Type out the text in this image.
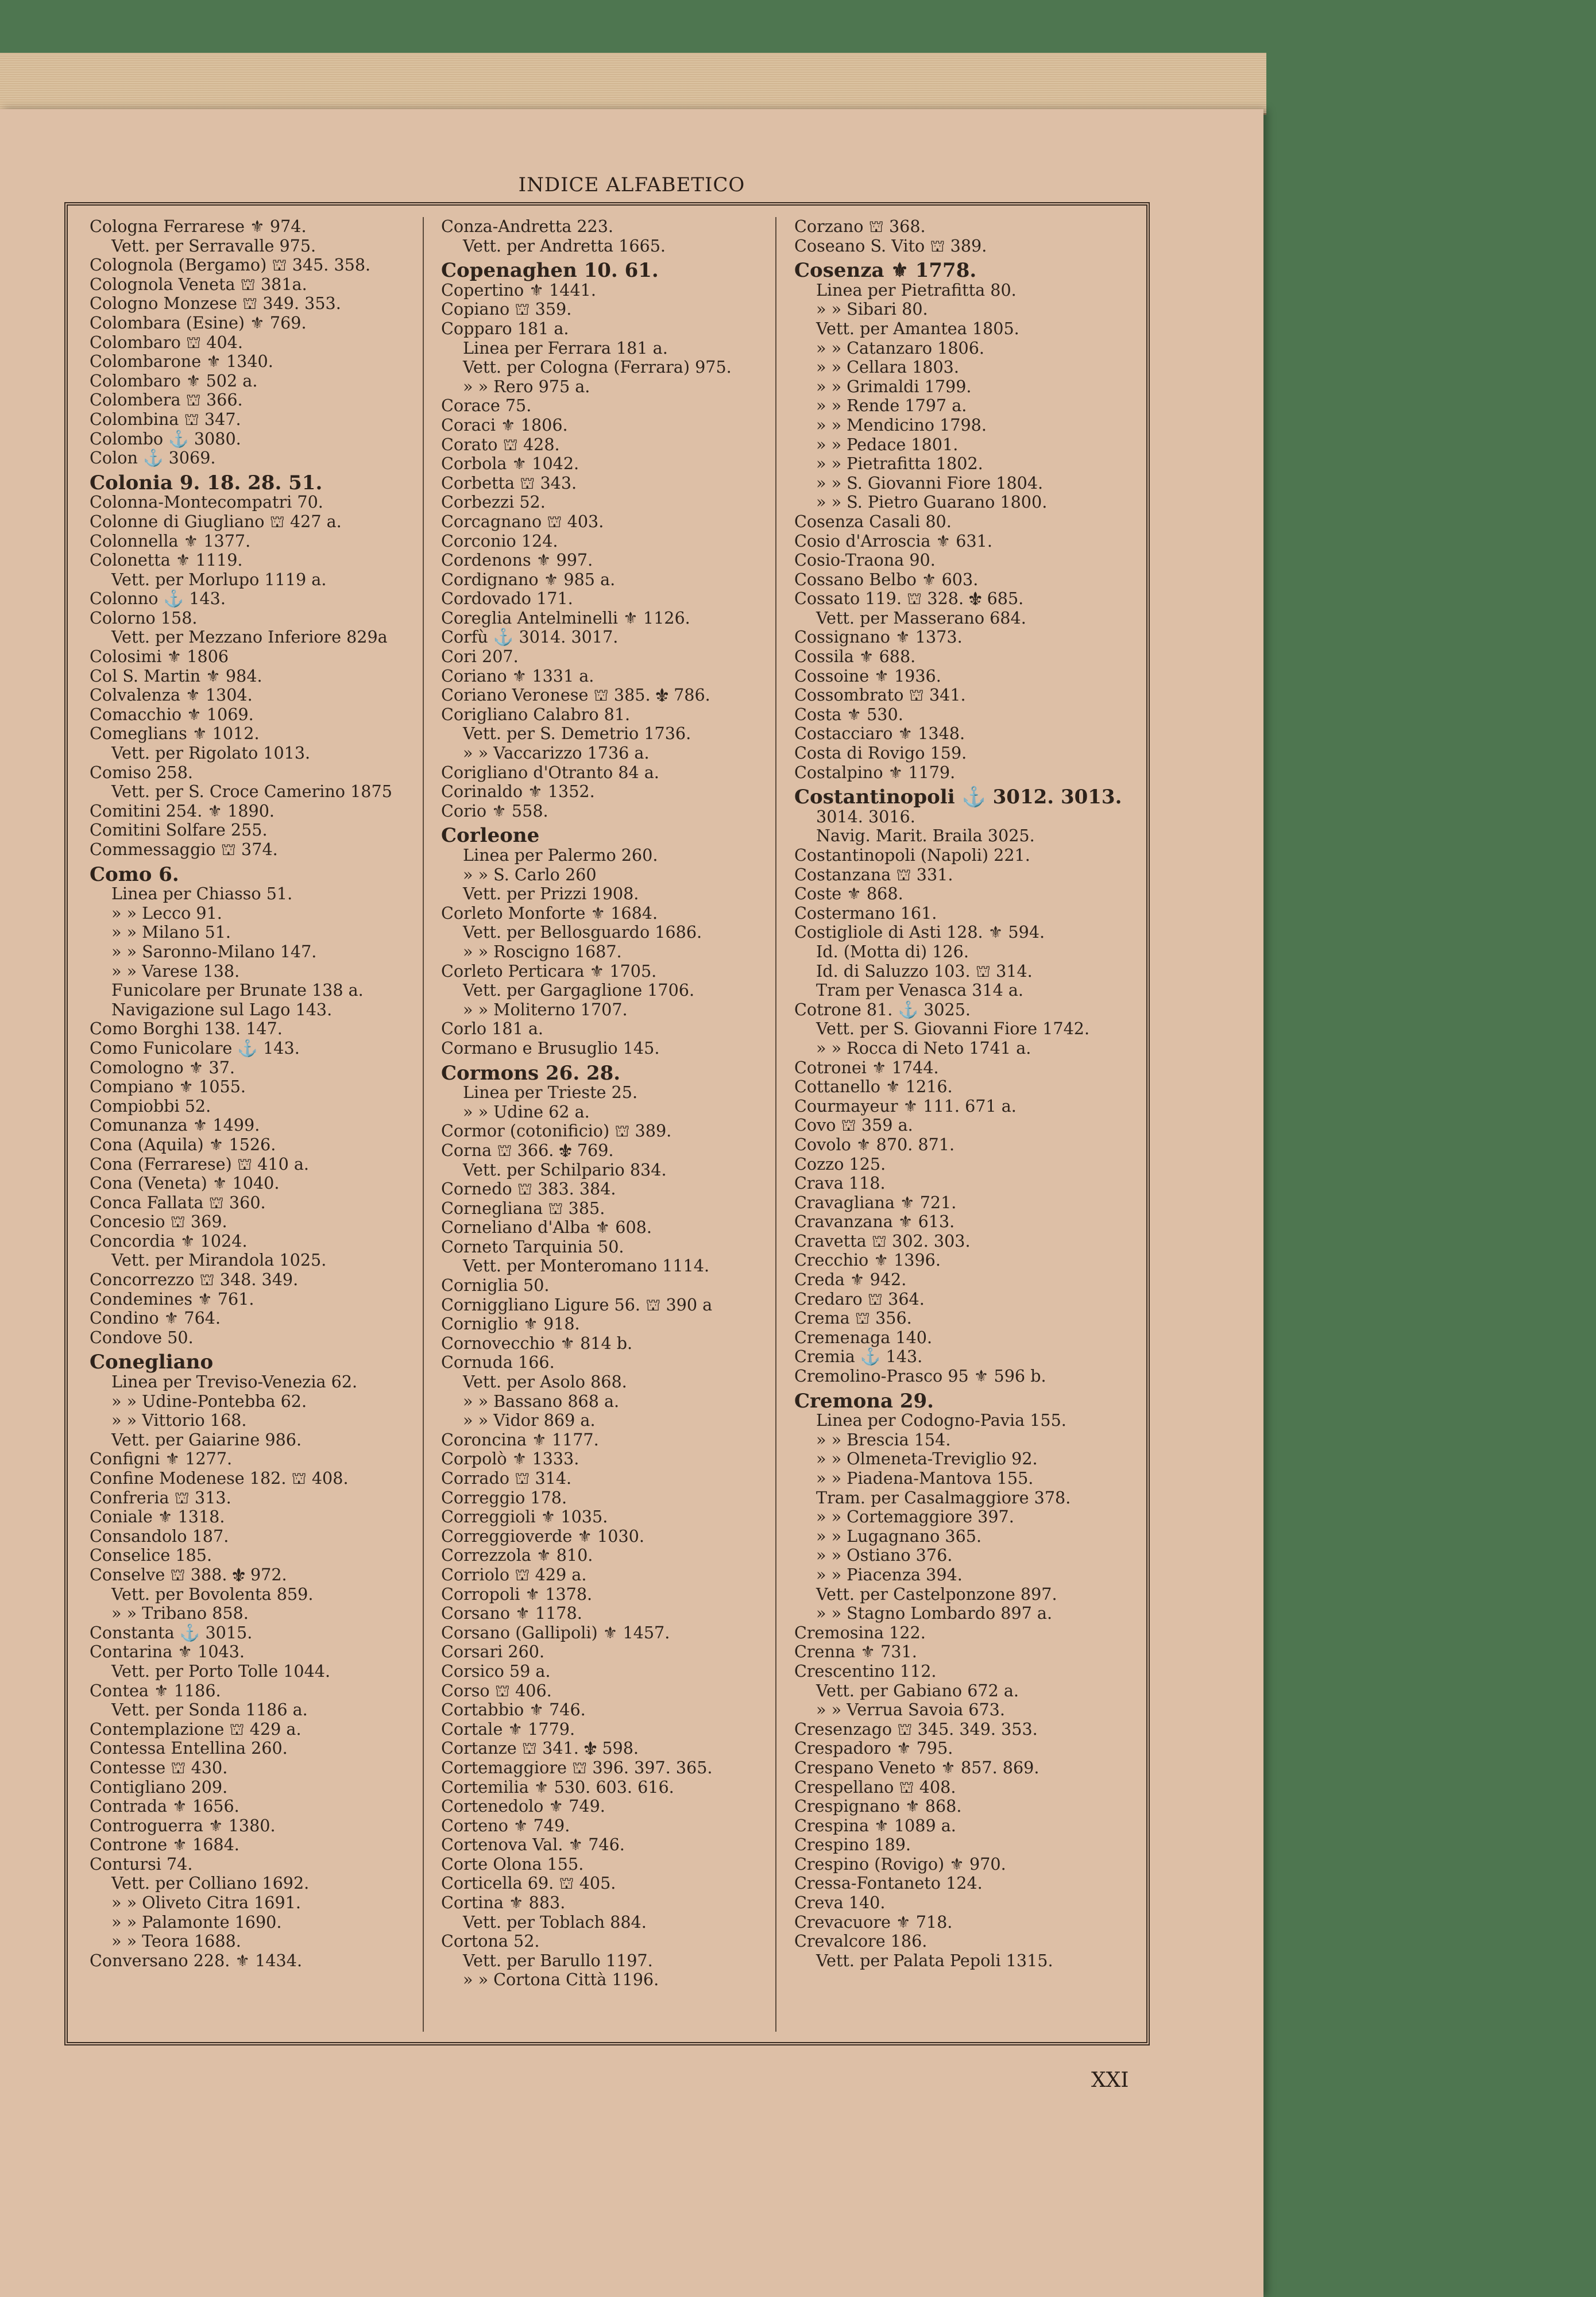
INDICE ALFABETICO
Cologna Ferrarese ⚜ 974.
Vett. per Serravalle 975.
Colognola (Bergamo) ⛫ 345. 358.
Colognola Veneta ⛫ 381a.
Cologno Monzese ⛫ 349. 353.
Colombara (Esine) ⚜ 769.
Colombaro ⛫ 404.
Colombarone ⚜ 1340.
Colombaro ⚜ 502 a.
Colombera ⛫ 366.
Colombina ⛫ 347.
Colombo ⚓ 3080.
Colon ⚓ 3069.
Colonia 9. 18. 28. 51.
Colonna-Montecompatri 70.
Colonne di Giugliano ⛫ 427 a.
Colonnella ⚜ 1377.
Colonetta ⚜ 1119.
Vett. per Morlupo 1119 a.
Colonno ⚓ 143.
Colorno 158.
Vett. per Mezzano Inferiore 829a
Colosimi ⚜ 1806
Col S. Martin ⚜ 984.
Colvalenza ⚜ 1304.
Comacchio ⚜ 1069.
Comeglians ⚜ 1012.
Vett. per Rigolato 1013.
Comiso 258.
Vett. per S. Croce Camerino 1875
Comitini 254. ⚜ 1890.
Comitini Solfare 255.
Commessaggio ⛫ 374.
Como 6.
Linea per Chiasso 51.
» » Lecco 91.
» » Milano 51.
» » Saronno-Milano 147.
» » Varese 138.
Funicolare per Brunate 138 a.
Navigazione sul Lago 143.
Como Borghi 138. 147.
Como Funicolare ⚓ 143.
Comologno ⚜ 37.
Compiano ⚜ 1055.
Compiobbi 52.
Comunanza ⚜ 1499.
Cona (Aquila) ⚜ 1526.
Cona (Ferrarese) ⛫ 410 a.
Cona (Veneta) ⚜ 1040.
Conca Fallata ⛫ 360.
Concesio ⛫ 369.
Concordia ⚜ 1024.
Vett. per Mirandola 1025.
Concorrezzo ⛫ 348. 349.
Condemines ⚜ 761.
Condino ⚜ 764.
Condove 50.
Conegliano
Linea per Treviso-Venezia 62.
» » Udine-Pontebba 62.
» » Vittorio 168.
Vett. per Gaiarine 986.
Configni ⚜ 1277.
Confine Modenese 182. ⛫ 408.
Confreria ⛫ 313.
Coniale ⚜ 1318.
Consandolo 187.
Conselice 185.
Conselve ⛫ 388. ⚜ 972.
Vett. per Bovolenta 859.
» » Tribano 858.
Constanta ⚓ 3015.
Contarina ⚜ 1043.
Vett. per Porto Tolle 1044.
Contea ⚜ 1186.
Vett. per Sonda 1186 a.
Contemplazione ⛫ 429 a.
Contessa Entellina 260.
Contesse ⛫ 430.
Contigliano 209.
Contrada ⚜ 1656.
Controguerra ⚜ 1380.
Controne ⚜ 1684.
Contursi 74.
Vett. per Colliano 1692.
» » Oliveto Citra 1691.
» » Palamonte 1690.
» » Teora 1688.
Conversano 228. ⚜ 1434.
Conza-Andretta 223.
Vett. per Andretta 1665.
Copenaghen 10. 61.
Copertino ⚜ 1441.
Copiano ⛫ 359.
Copparo 181 a.
Linea per Ferrara 181 a.
Vett. per Cologna (Ferrara) 975.
» » Rero 975 a.
Corace 75.
Coraci ⚜ 1806.
Corato ⛫ 428.
Corbola ⚜ 1042.
Corbetta ⛫ 343.
Corbezzi 52.
Corcagnano ⛫ 403.
Corconio 124.
Cordenons ⚜ 997.
Cordignano ⚜ 985 a.
Cordovado 171.
Coreglia Antelminelli ⚜ 1126.
Corfù ⚓ 3014. 3017.
Cori 207.
Coriano ⚜ 1331 a.
Coriano Veronese ⛫ 385. ⚜ 786.
Corigliano Calabro 81.
Vett. per S. Demetrio 1736.
» » Vaccarizzo 1736 a.
Corigliano d'Otranto 84 a.
Corinaldo ⚜ 1352.
Corio ⚜ 558.
Corleone
Linea per Palermo 260.
» » S. Carlo 260
Vett. per Prizzi 1908.
Corleto Monforte ⚜ 1684.
Vett. per Bellosguardo 1686.
» » Roscigno 1687.
Corleto Perticara ⚜ 1705.
Vett. per Gargaglione 1706.
» » Moliterno 1707.
Corlo 181 a.
Cormano e Brusuglio 145.
Cormons 26. 28.
Linea per Trieste 25.
» » Udine 62 a.
Cormor (cotonificio) ⛫ 389.
Corna ⛫ 366. ⚜ 769.
Vett. per Schilpario 834.
Cornedo ⛫ 383. 384.
Cornegliana ⛫ 385.
Corneliano d'Alba ⚜ 608.
Corneto Tarquinia 50.
Vett. per Monteromano 1114.
Corniglia 50.
Corniggliano Ligure 56. ⛫ 390 a
Corniglio ⚜ 918.
Cornovecchio ⚜ 814 b.
Cornuda 166.
Vett. per Asolo 868.
» » Bassano 868 a.
» » Vidor 869 a.
Coroncina ⚜ 1177.
Corpolò ⚜ 1333.
Corrado ⛫ 314.
Correggio 178.
Correggioli ⚜ 1035.
Correggioverde ⚜ 1030.
Correzzola ⚜ 810.
Corriolo ⛫ 429 a.
Corropoli ⚜ 1378.
Corsano ⚜ 1178.
Corsano (Gallipoli) ⚜ 1457.
Corsari 260.
Corsico 59 a.
Corso ⛫ 406.
Cortabbio ⚜ 746.
Cortale ⚜ 1779.
Cortanze ⛫ 341. ⚜ 598.
Cortemaggiore ⛫ 396. 397. 365.
Cortemilia ⚜ 530. 603. 616.
Cortenedolo ⚜ 749.
Corteno ⚜ 749.
Cortenova Val. ⚜ 746.
Corte Olona 155.
Corticella 69. ⛫ 405.
Cortina ⚜ 883.
Vett. per Toblach 884.
Cortona 52.
Vett. per Barullo 1197.
» » Cortona Città 1196.
Corzano ⛫ 368.
Coseano S. Vito ⛫ 389.
Cosenza ⚜ 1778.
Linea per Pietrafitta 80.
» » Sibari 80.
Vett. per Amantea 1805.
» » Catanzaro 1806.
» » Cellara 1803.
» » Grimaldi 1799.
» » Rende 1797 a.
» » Mendicino 1798.
» » Pedace 1801.
» » Pietrafitta 1802.
» » S. Giovanni Fiore 1804.
» » S. Pietro Guarano 1800.
Cosenza Casali 80.
Cosio d'Arroscia ⚜ 631.
Cosio-Traona 90.
Cossano Belbo ⚜ 603.
Cossato 119. ⛫ 328. ⚜ 685.
Vett. per Masserano 684.
Cossignano ⚜ 1373.
Cossila ⚜ 688.
Cossoine ⚜ 1936.
Cossombrato ⛫ 341.
Costa ⚜ 530.
Costacciaro ⚜ 1348.
Costa di Rovigo 159.
Costalpino ⚜ 1179.
Costantinopoli ⚓ 3012. 3013.
3014. 3016.
Navig. Marit. Braila 3025.
Costantinopoli (Napoli) 221.
Costanzana ⛫ 331.
Coste ⚜ 868.
Costermano 161.
Costigliole di Asti 128. ⚜ 594.
Id. (Motta di) 126.
Id. di Saluzzo 103. ⛫ 314.
Tram per Venasca 314 a.
Cotrone 81. ⚓ 3025.
Vett. per S. Giovanni Fiore 1742.
» » Rocca di Neto 1741 a.
Cotronei ⚜ 1744.
Cottanello ⚜ 1216.
Courmayeur ⚜ 111. 671 a.
Covo ⛫ 359 a.
Covolo ⚜ 870. 871.
Cozzo 125.
Crava 118.
Cravagliana ⚜ 721.
Cravanzana ⚜ 613.
Cravetta ⛫ 302. 303.
Crecchio ⚜ 1396.
Creda ⚜ 942.
Credaro ⛫ 364.
Crema ⛫ 356.
Cremenaga 140.
Cremia ⚓ 143.
Cremolino-Prasco 95 ⚜ 596 b.
Cremona 29.
Linea per Codogno-Pavia 155.
» » Brescia 154.
» » Olmeneta-Treviglio 92.
» » Piadena-Mantova 155.
Tram. per Casalmaggiore 378.
» » Cortemaggiore 397.
» » Lugagnano 365.
» » Ostiano 376.
» » Piacenza 394.
Vett. per Castelponzone 897.
» » Stagno Lombardo 897 a.
Cremosina 122.
Crenna ⚜ 731.
Crescentino 112.
Vett. per Gabiano 672 a.
» » Verrua Savoia 673.
Cresenzago ⛫ 345. 349. 353.
Crespadoro ⚜ 795.
Crespano Veneto ⚜ 857. 869.
Crespellano ⛫ 408.
Crespignano ⚜ 868.
Crespina ⚜ 1089 a.
Crespino 189.
Crespino (Rovigo) ⚜ 970.
Cressa-Fontaneto 124.
Creva 140.
Crevacuore ⚜ 718.
Crevalcore 186.
Vett. per Palata Pepoli 1315.
XXI
